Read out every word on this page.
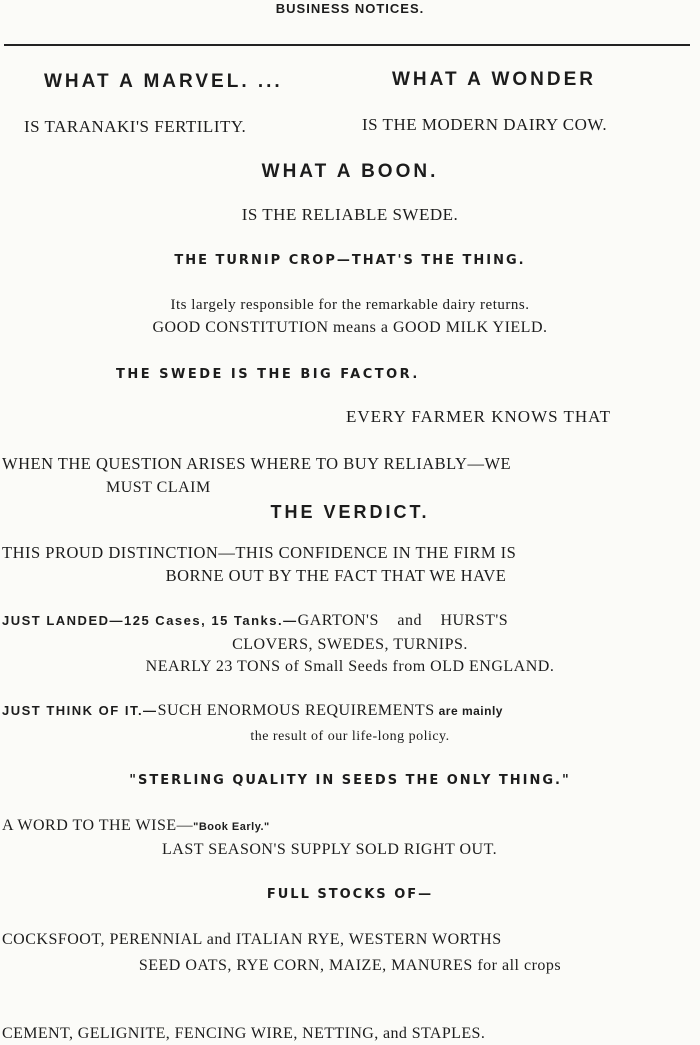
BUSINESS NOTICES.
WHAT A MARVEL. ...	WHAT A WONDER
IS TARANAKI'S FERTILITY.	IS THE MODERN DAIRY COW.
WHAT A BOON.
IS THE RELIABLE SWEDE.
THE TURNIP CROP—THAT'S THE THING.
Its largely responsible for the remarkable dairy returns.
GOOD CONSTITUTION means a GOOD MILK YIELD.
THE SWEDE IS THE BIG FACTOR.
EVERY FARMER KNOWS THAT
WHEN THE QUESTION ARISES WHERE TO BUY RELIABLY—WE
MUST CLAIM
THE VERDICT.
THIS PROUD DISTINCTION—THIS CONFIDENCE IN THE FIRM IS
BORNE OUT BY THE FACT THAT WE HAVE
JUST LANDED—125 Cases, 15 Tanks.—GARTON'S and HURST'S
CLOVERS, SWEDES, TURNIPS.
NEARLY 23 TONS of Small Seeds from OLD ENGLAND.
JUST THINK OF IT.—SUCH ENORMOUS REQUIREMENTS are mainly
the result of our life-long policy.
"STERLING QUALITY IN SEEDS THE ONLY THING."
A WORD TO THE WISE—"Book Early."
LAST SEASON'S SUPPLY SOLD RIGHT OUT.
FULL STOCKS OF—
COCKSFOOT, PERENNIAL and ITALIAN RYE, WESTERN WORTHS
SEED OATS, RYE CORN, MAIZE, MANURES for all crops
CEMENT, GELIGNITE, FENCING WIRE, NETTING, and STAPLES.
